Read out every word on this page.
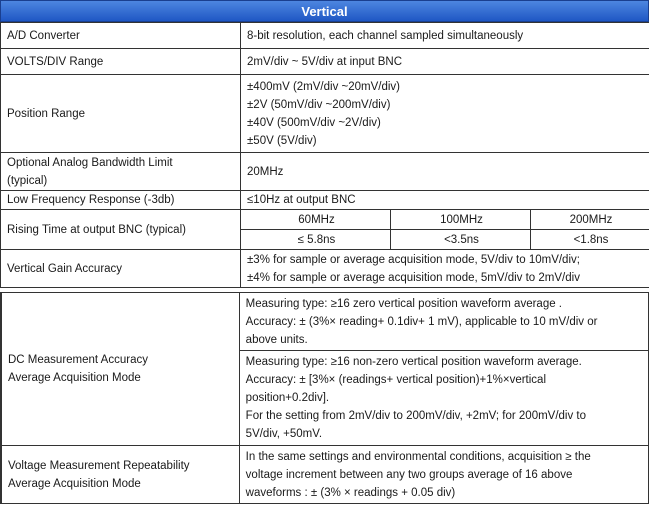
Vertical
A/D Converter	8-bit resolution, each channel sampled simultaneously		
VOLTS/DIV Range	2mV/div ~ 5V/div at input BNC		
Position Range	±400mV (2mV/div ~20mV/div)
±2V (50mV/div ~200mV/div)
±40V (500mV/div ~2V/div)
±50V (5V/div)		

Optional Analog Bandwidth Limit
(typical)	20MHz		
Low Frequency Response (-3db)	≤10Hz at output BNC		
Rising Time at output BNC (typical)	60MHz	100MHz	200MHz
	≤ 5.8ns	<3.5ns	<1.8ns
Vertical Gain Accuracy	±3% for sample or average acquisition mode, 5V/div to 10mV/div;
±4% for sample or average acquisition mode, 5mV/div to 2mV/div		
DC Measurement Accuracy
Average Acquisition Mode	Measuring type: ≥16 zero vertical position waveform average .
Accuracy: ± (3%× reading+ 0.1div+ 1 mV), applicable to 10 mV/div or
above units.

	Measuring type: ≥16 non-zero vertical position waveform average.
Accuracy: ± [3%× (readings+ vertical position)+1%×vertical
position+0.2div].
For the setting from 2mV/div to 200mV/div, +2mV; for 200mV/div to
5V/div, +50mV.

Voltage Measurement Repeatability
Average Acquisition Mode	In the same settings and environmental conditions, acquisition ≥ the
voltage increment between any two groups average of 16 above
waveforms : ± (3% × readings + 0.05 div)
